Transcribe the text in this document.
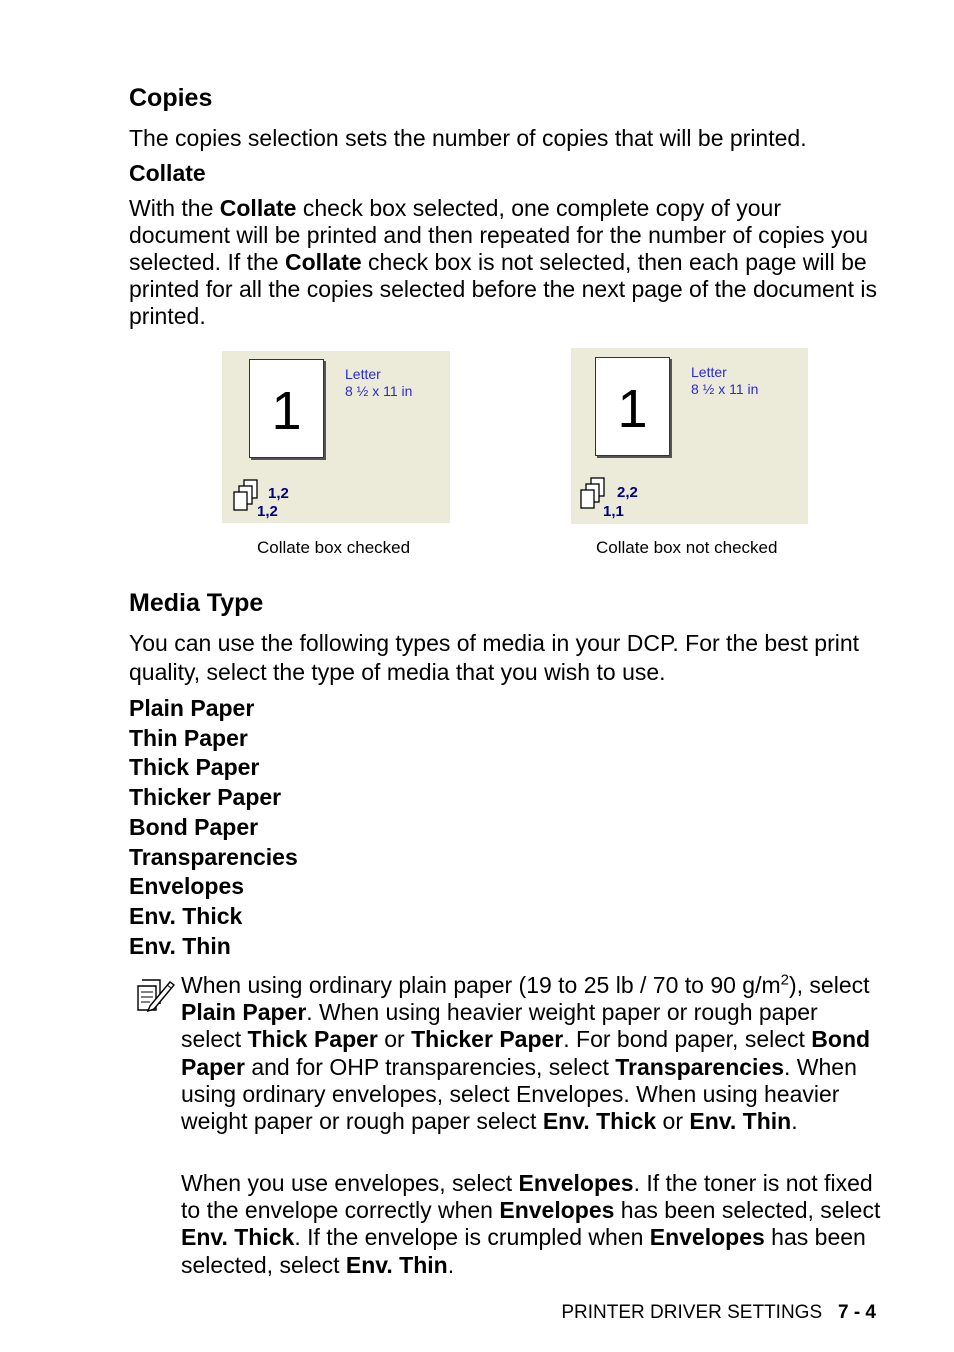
Copies

The copies selection sets the number of copies that will be printed.

Collate

With the Collate check box selected, one complete copy of your document will be printed and then repeated for the number of copies you selected. If the Collate check box is not selected, then each page will be printed for all the copies selected before the next page of the document is printed.

1
Letter
8 ½ x 11 in
1,2
1,2
Collate box checked
1
Letter
8 ½ x 11 in
2,2
1,1
Collate box not checked
Media Type

You can use the following types of media in your DCP. For the best print quality, select the type of media that you wish to use.

Plain Paper
Thin Paper
Thick Paper
Thicker Paper
Bond Paper
Transparencies
Envelopes
Env. Thick
Env. Thin

When using ordinary plain paper (19 to 25 lb / 70 to 90 $g/m^2$), select Plain Paper. When using heavier weight paper or rough paper select Thick Paper or Thicker Paper. For bond paper, select Bond Paper and for OHP transparencies, select Transparencies. When using ordinary envelopes, select Envelopes. When using heavier weight paper or rough paper select Env. Thick or Env. Thin.

When you use envelopes, select Envelopes. If the toner is not fixed to the envelope correctly when Envelopes has been selected, select Env. Thick. If the envelope is crumpled when Envelopes has been selected, select Env. Thin.

PRINTER DRIVER SETTINGS 7 - 4
